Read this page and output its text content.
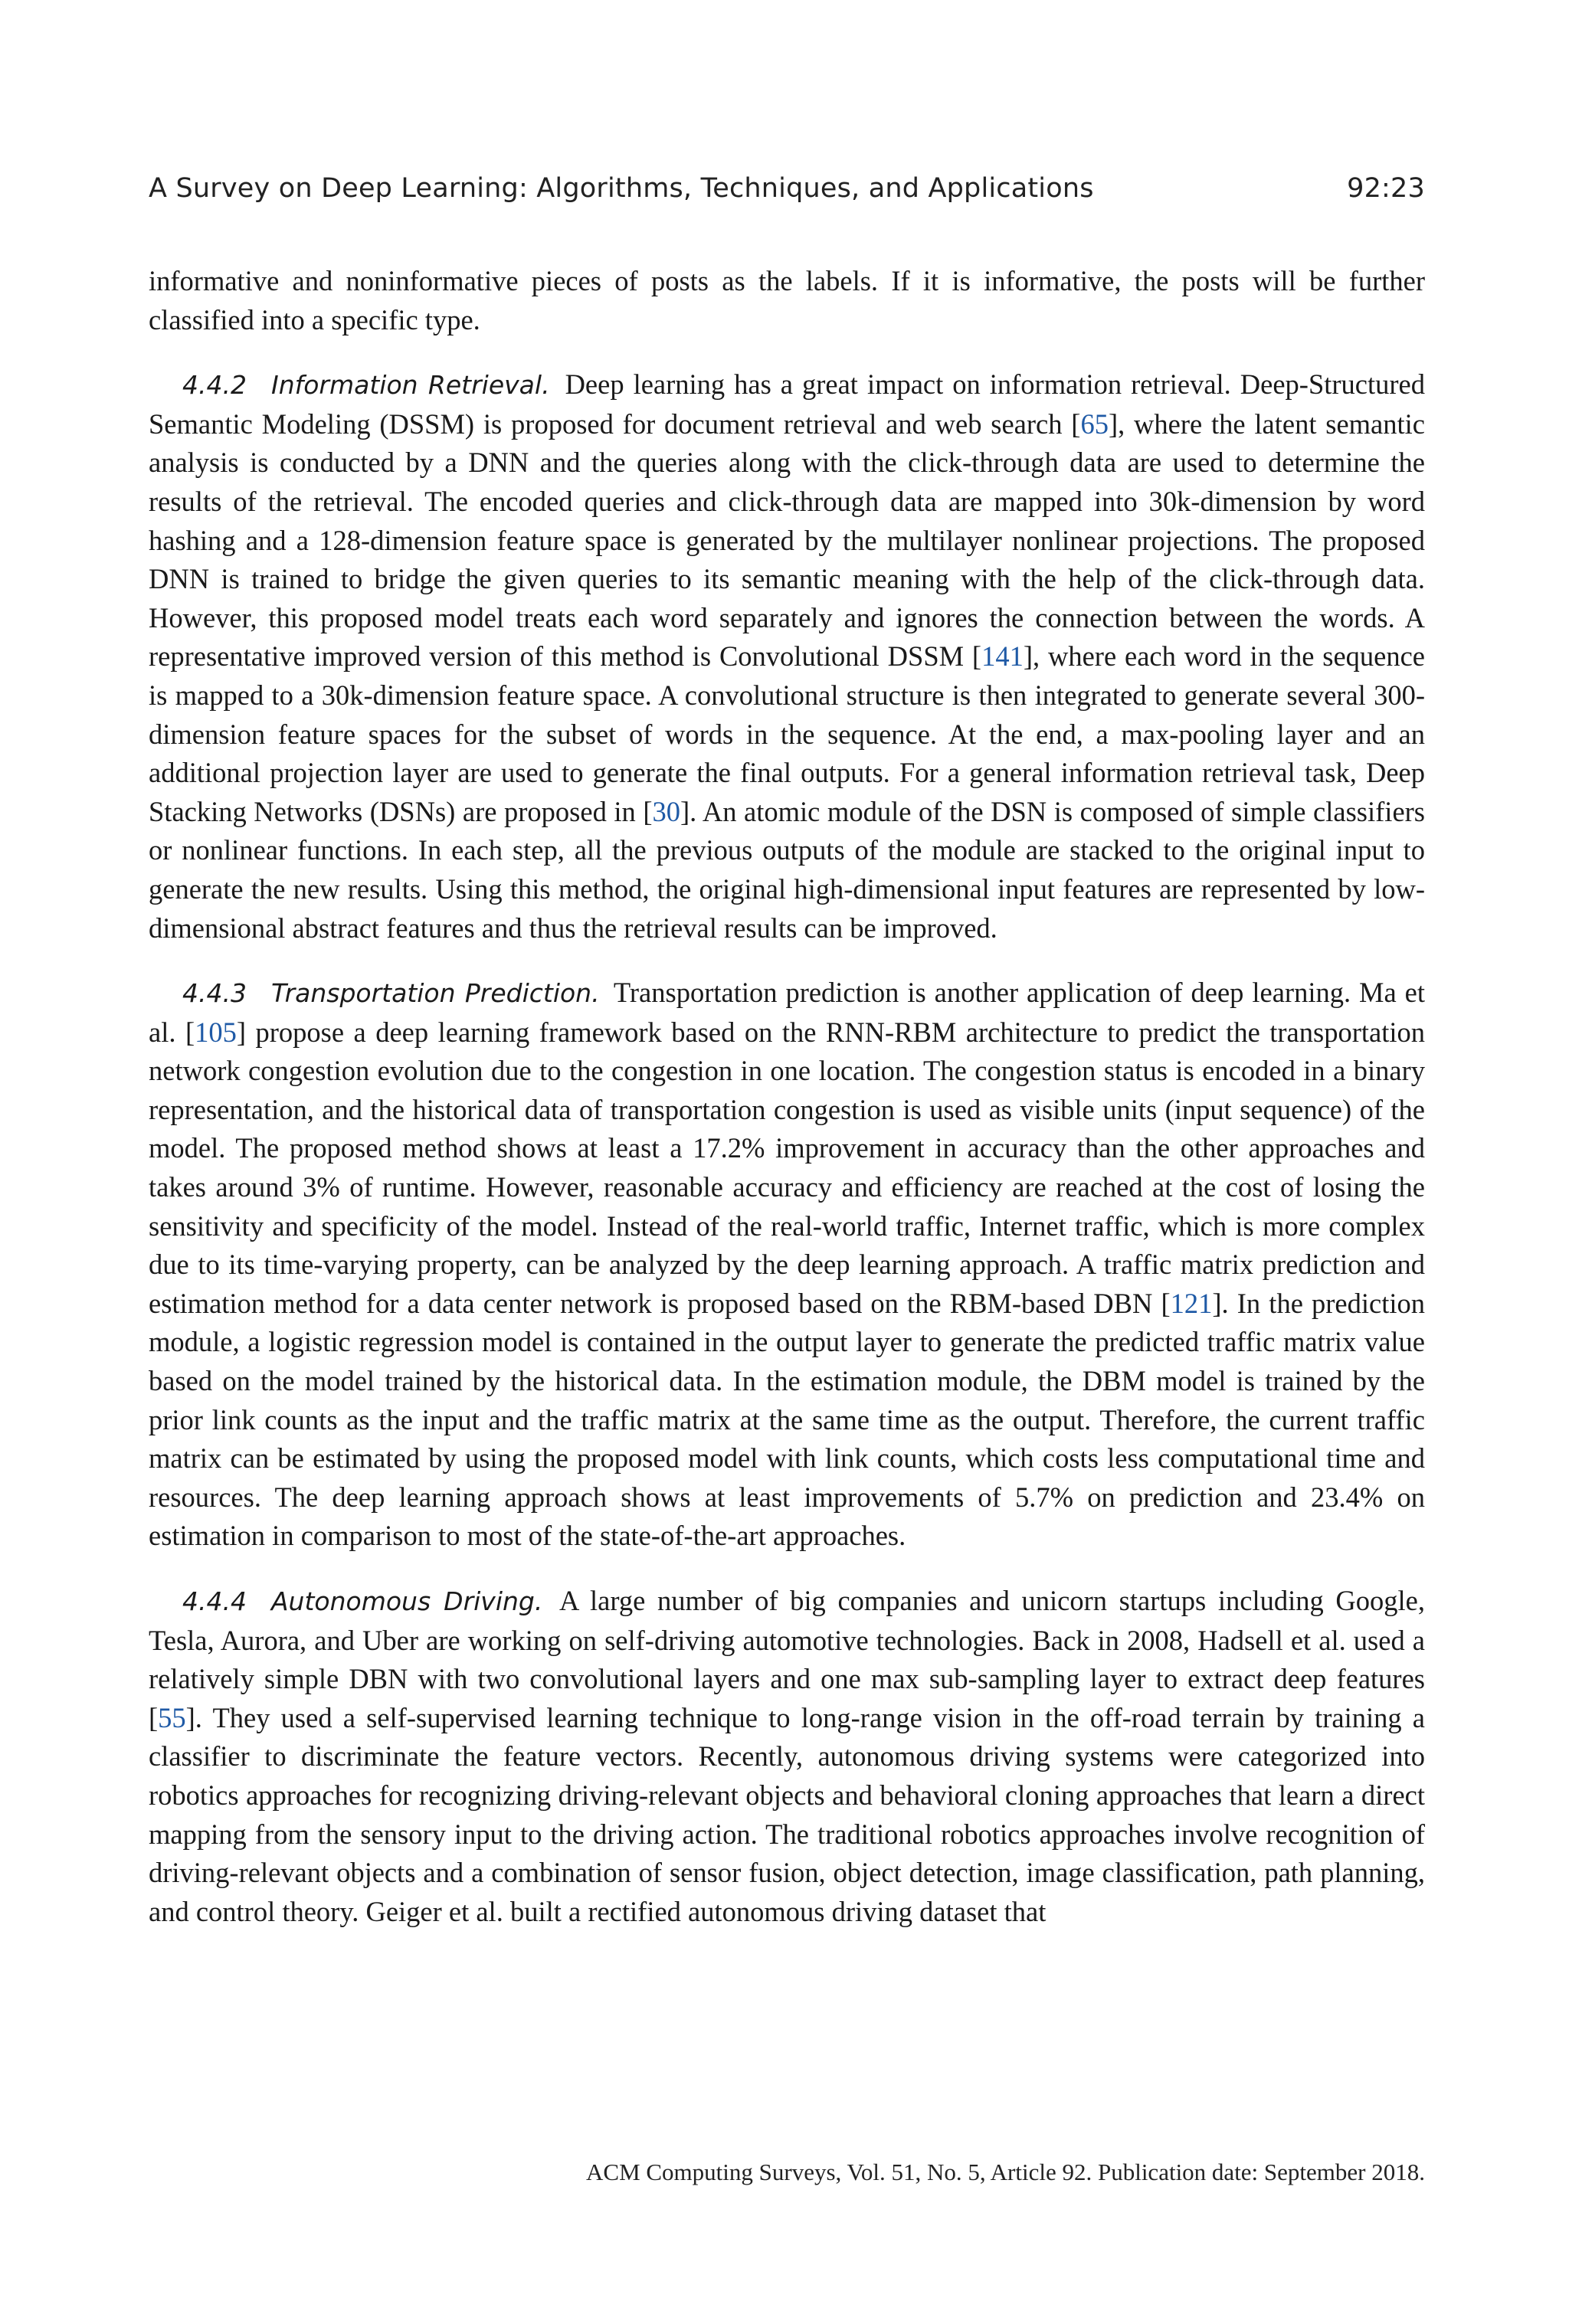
A Survey on Deep Learning: Algorithms, Techniques, and Applications	92:23

informative and noninformative pieces of posts as the labels. If it is informative, the posts will be further classified into a specific type.

4.4.2 Information Retrieval. Deep learning has a great impact on information retrieval. Deep-Structured Semantic Modeling (DSSM) is proposed for document retrieval and web search [65], where the latent semantic analysis is conducted by a DNN and the queries along with the click-through data are used to determine the results of the retrieval. The encoded queries and click-through data are mapped into 30k-dimension by word hashing and a 128-dimension feature space is generated by the multilayer nonlinear projections. The proposed DNN is trained to bridge the given queries to its semantic meaning with the help of the click-through data. However, this proposed model treats each word separately and ignores the connection between the words. A representative improved version of this method is Convolutional DSSM [141], where each word in the sequence is mapped to a 30k-dimension feature space. A convolutional structure is then integrated to generate several 300-dimension feature spaces for the subset of words in the sequence. At the end, a max-pooling layer and an additional projection layer are used to generate the final outputs. For a general information retrieval task, Deep Stacking Networks (DSNs) are proposed in [30]. An atomic module of the DSN is composed of simple classifiers or nonlinear functions. In each step, all the previous outputs of the module are stacked to the original input to generate the new results. Using this method, the original high-dimensional input features are represented by low-dimensional abstract features and thus the retrieval results can be improved.

4.4.3 Transportation Prediction. Transportation prediction is another application of deep learning. Ma et al. [105] propose a deep learning framework based on the RNN-RBM architecture to predict the transportation network congestion evolution due to the congestion in one location. The congestion status is encoded in a binary representation, and the historical data of transportation congestion is used as visible units (input sequence) of the model. The proposed method shows at least a 17.2% improvement in accuracy than the other approaches and takes around 3% of runtime. However, reasonable accuracy and efficiency are reached at the cost of losing the sensitivity and specificity of the model. Instead of the real-world traffic, Internet traffic, which is more complex due to its time-varying property, can be analyzed by the deep learning approach. A traffic matrix prediction and estimation method for a data center network is proposed based on the RBM-based DBN [121]. In the prediction module, a logistic regression model is contained in the output layer to generate the predicted traffic matrix value based on the model trained by the historical data. In the estimation module, the DBM model is trained by the prior link counts as the input and the traffic matrix at the same time as the output. Therefore, the current traffic matrix can be estimated by using the proposed model with link counts, which costs less computational time and resources. The deep learning approach shows at least improvements of 5.7% on prediction and 23.4% on estimation in comparison to most of the state-of-the-art approaches.

4.4.4 Autonomous Driving. A large number of big companies and unicorn startups including Google, Tesla, Aurora, and Uber are working on self-driving automotive technologies. Back in 2008, Hadsell et al. used a relatively simple DBN with two convolutional layers and one max sub-sampling layer to extract deep features [55]. They used a self-supervised learning technique to long-range vision in the off-road terrain by training a classifier to discriminate the feature vectors. Recently, autonomous driving systems were categorized into robotics approaches for recognizing driving-relevant objects and behavioral cloning approaches that learn a direct mapping from the sensory input to the driving action. The traditional robotics approaches involve recognition of driving-relevant objects and a combination of sensor fusion, object detection, image classification, path planning, and control theory. Geiger et al. built a rectified autonomous driving dataset that

ACM Computing Surveys, Vol. 51, No. 5, Article 92. Publication date: September 2018.
